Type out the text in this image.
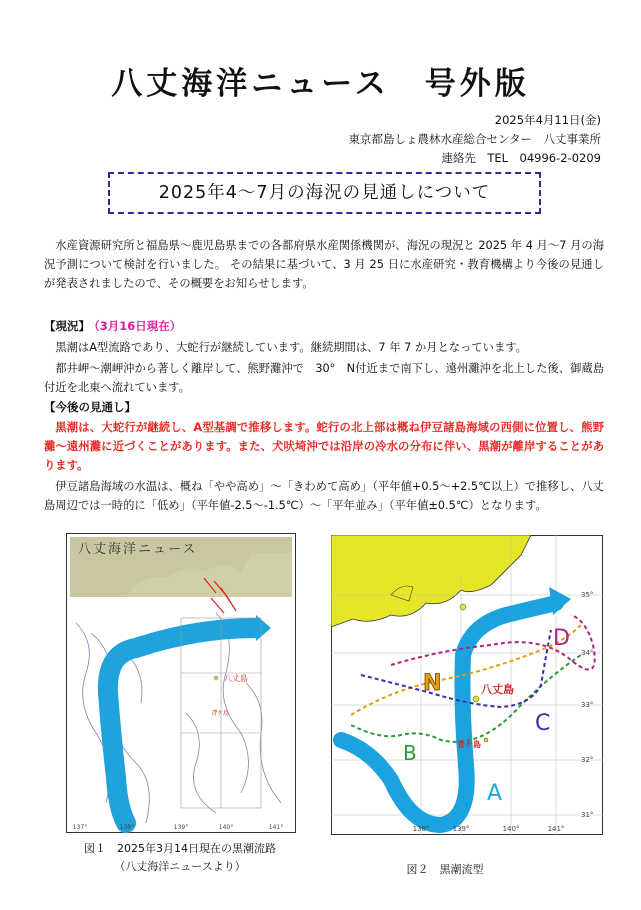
八丈海洋ニュース　号外版
2025年4月11日(金)
東京都島しょ農林水産総合センター　八丈事業所
連絡先　TEL　04996-2-0209
2025年4～7月の海況の見通しについて
水産資源研究所と福島県～鹿児島県までの各都府県水産関係機関が、海況の現況と 2025 年 4 月～7 月の海況予測について検討を行いました。 その結果に基づいて、3 月 25 日に水産研究・教育機構より今後の見通しが発表されましたので、その概要をお知らせします。
【現況】 （3月16日現在）
黒潮はA型流路であり、大蛇行が継続しています。継続期間は、7 年 7 か月となっています。
都井岬～潮岬沖から著しく離岸して、熊野灘沖で　30°　N付近まで南下し、遠州灘沖を北上した後、御蔵島付近を北東へ流れています。
【今後の見通し】
黒潮は、大蛇行が継続し、A型基調で推移します。蛇行の北上部は概ね伊豆諸島海域の西側に位置し、熊野灘～遠州灘に近づくことがあります。また、犬吠埼沖では沿岸の冷水の分布に伴い、黒潮が離岸することがあります。
伊豆諸島海域の水温は、概ね「やや高め」～「きわめて高め」（平年値+0.5～+2.5℃以上）で推移し、八丈島周辺では一時的に「低め」（平年値-2.5～-1.5℃）～「平年並み」（平年値±0.5℃）となります。
八丈海洋ニュース
八丈島
青ケ島
137°	138°	139°	140°	141°
図１　2025年3月14日現在の黒潮流路
（八丈海洋ニュースより）
N
B
C
D
A
八丈島
青ケ島
35°
34°
33°
32°
31°
138°	139°	140°	141°
図２　黒潮流型
